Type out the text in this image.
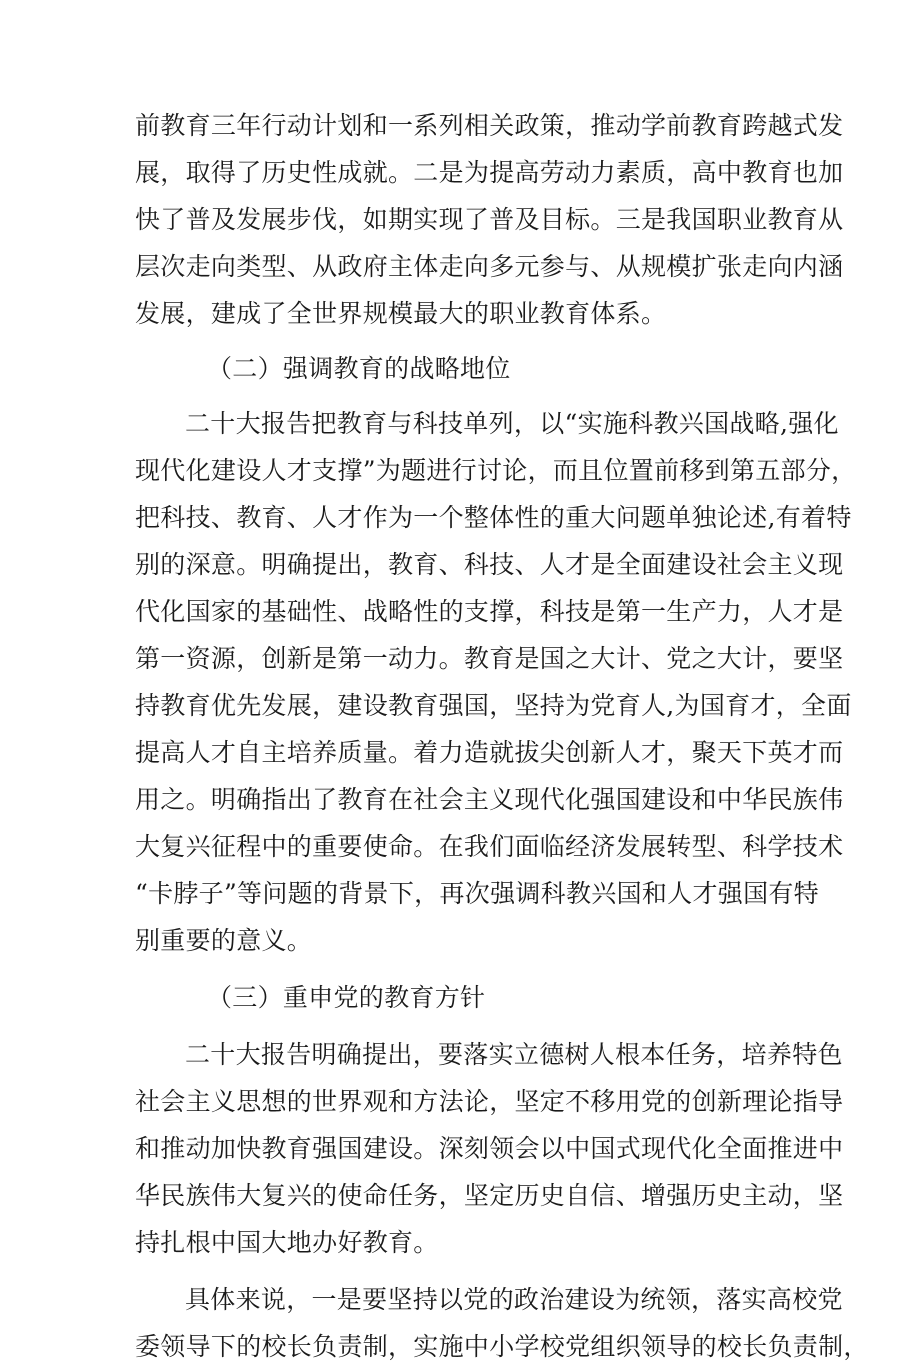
前教育三年行动计划和一系列相关政策，推动学前教育跨越式发
展，取得了历史性成就。二是为提高劳动力素质，高中教育也加
快了普及发展步伐，如期实现了普及目标。三是我国职业教育从
层次走向类型、从政府主体走向多元参与、从规模扩张走向内涵
发展，建成了全世界规模最大的职业教育体系。
（二）强调教育的战略地位
二十大报告把教育与科技单列，以“实施科教兴国战略,强化
现代化建设人才支撑”为题进行讨论，而且位置前移到第五部分，
把科技、教育、人才作为一个整体性的重大问题单独论述,有着特
别的深意。明确提出，教育、科技、人才是全面建设社会主义现
代化国家的基础性、战略性的支撑，科技是第一生产力，人才是
第一资源，创新是第一动力。教育是国之大计、党之大计，要坚
持教育优先发展，建设教育强国，坚持为党育人,为国育才，全面
提高人才自主培养质量。着力造就拔尖创新人才，聚天下英才而
用之。明确指出了教育在社会主义现代化强国建设和中华民族伟
大复兴征程中的重要使命。在我们面临经济发展转型、科学技术
“卡脖子”等问题的背景下，再次强调科教兴国和人才强国有特
别重要的意义。
（三）重申党的教育方针
二十大报告明确提出，要落实立德树人根本任务，培养特色
社会主义思想的世界观和方法论，坚定不移用党的创新理论指导
和推动加快教育强国建设。深刻领会以中国式现代化全面推进中
华民族伟大复兴的使命任务，坚定历史自信、增强历史主动，坚
持扎根中国大地办好教育。
具体来说，一是要坚持以党的政治建设为统领，落实高校党
委领导下的校长负责制，实施中小学校党组织领导的校长负责制，
